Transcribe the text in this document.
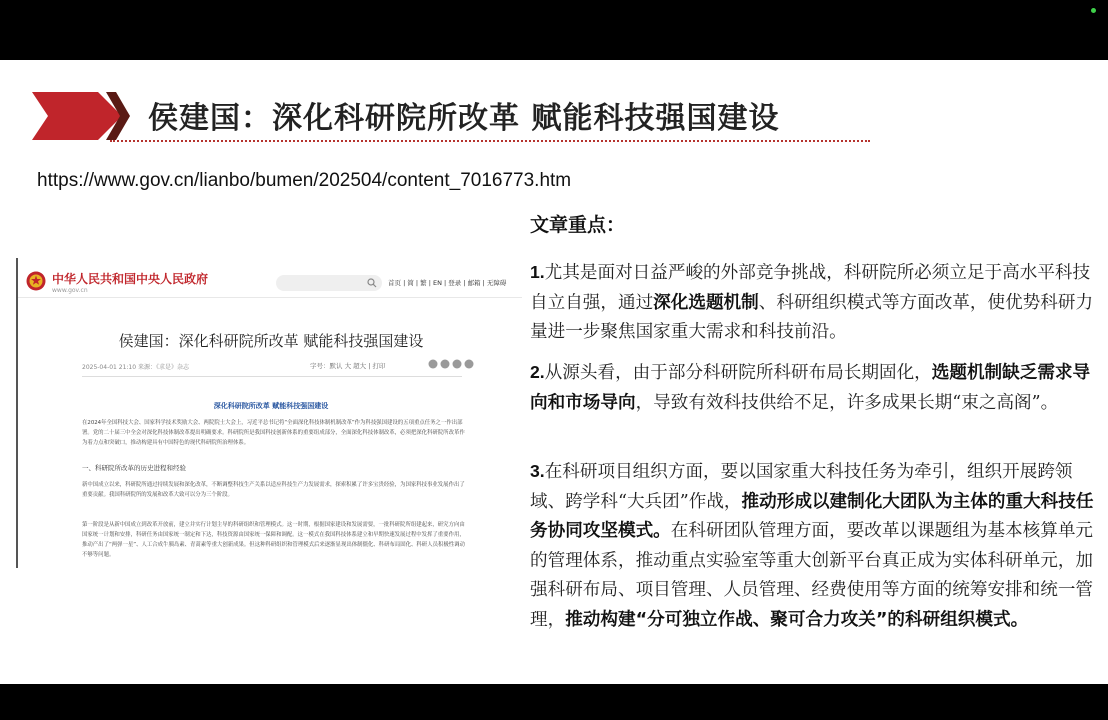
侯建国：深化科研院所改革 赋能科技强国建设
https://www.gov.cn/lianbo/bumen/202504/content_7016773.htm
中华人民共和国中央人民政府
www.gov.cn
首页 | 简 | 繁 | EN | 登录 | 邮箱 | 无障碍
侯建国：深化科研院所改革 赋能科技强国建设
2025-04-01 21:10 来源：《求是》杂志	字号：默认 大 超大 | 打印
深化科研院所改革 赋能科技强国建设
在2024年全国科技大会、国家科学技术奖励大会、两院院士大会上，习近平总书记将“全面深化科技体制机制改革”作为科技强国建设的五项重点任务之一作出部署。党的二十届三中全会对深化科技体制改革提出明确要求。科研院所是我国科技创新体系的重要组成部分，全面深化科技体制改革，必须把深化科研院所改革作为着力点和突破口，推动构建具有中国特色的现代科研院所治理体系。
一、科研院所改革的历史进程和经验
新中国成立以来，科研院所通过持续发展和深化改革，不断调整科技生产关系以适应科技生产力发展需求，探索积累了许多宝贵经验，为国家科技事业发展作出了重要贡献。我国科研院所的发展和改革大致可以分为三个阶段。
第一阶段是从新中国成立到改革开放前，建立并实行计划主导的科研组织和管理模式。这一时期，根据国家建设和发展需要，一批科研院所组建起来，研究方向由国家统一计划和安排，科研任务由国家统一制定和下达，科技资源由国家统一保障和调配。这一模式在我国科技体系建立和早期快速发展过程中发挥了重要作用，推动产出了“两弹一星”、人工合成牛胰岛素、青蒿素等重大创新成果。但这种科研组织和管理模式后来逐渐显现出体制僵化、科研布局固化、科研人员积极性调动不够等问题。
文章重点：
1.尤其是面对日益严峻的外部竞争挑战，科研院所必须立足于高水平科技自立自强，通过深化选题机制、科研组织模式等方面改革，使优势科研力量进一步聚焦国家重大需求和科技前沿。
2.从源头看，由于部分科研院所科研布局长期固化，选题机制缺乏需求导向和市场导向，导致有效科技供给不足，许多成果长期“束之高阁”。
3.在科研项目组织方面，要以国家重大科技任务为牵引，组织开展跨领域、跨学科“大兵团”作战，推动形成以建制化大团队为主体的重大科技任务协同攻坚模式。在科研团队管理方面，要改革以课题组为基本核算单元的管理体系，推动重点实验室等重大创新平台真正成为实体科研单元，加强科研布局、项目管理、人员管理、经费使用等方面的统筹安排和统一管理，推动构建“分可独立作战、聚可合力攻关”的科研组织模式。
